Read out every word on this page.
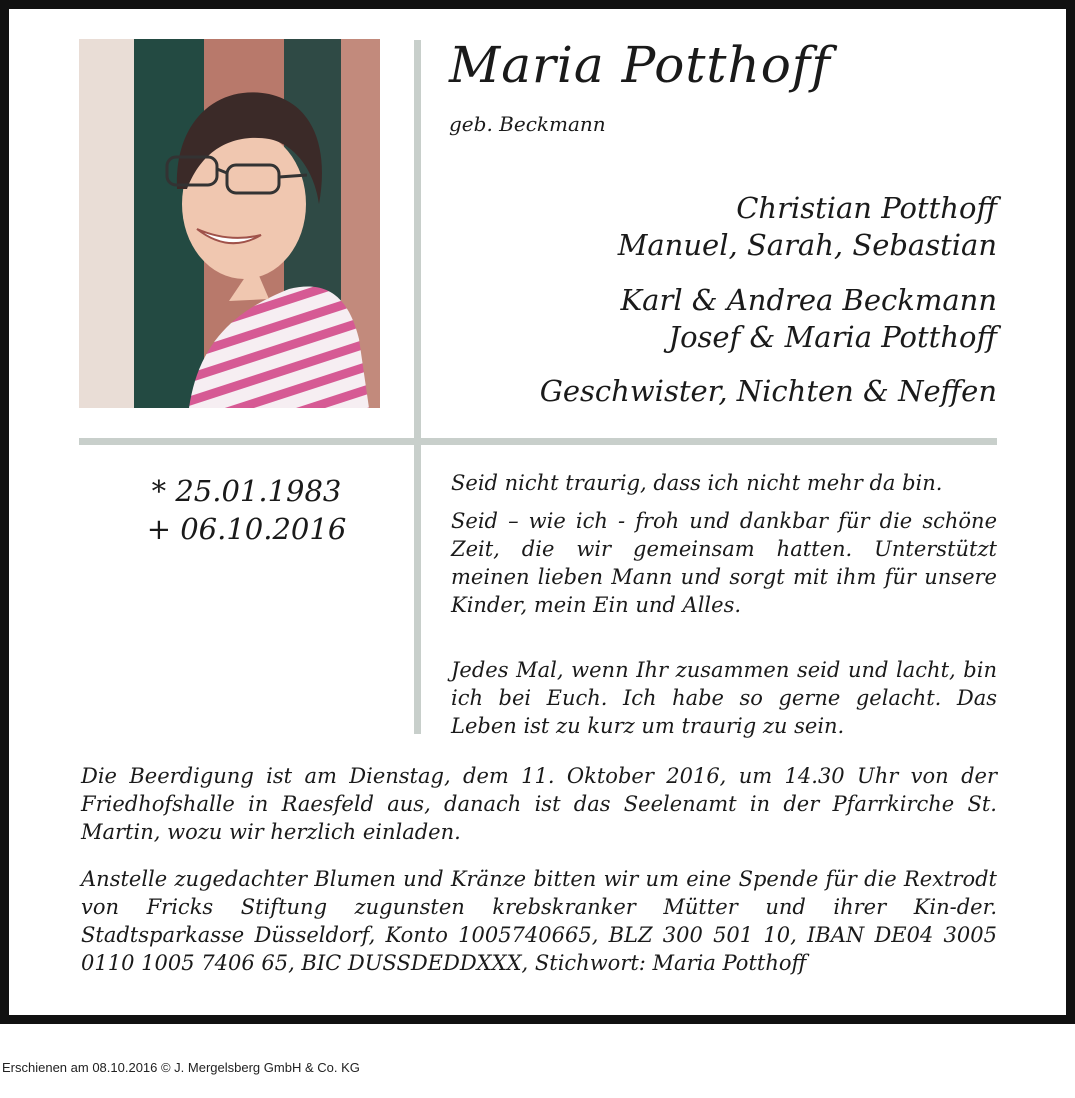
Maria Potthoff
geb. Beckmann
Christian Potthoff
Manuel, Sarah, Sebastian
Karl & Andrea Beckmann
Josef & Maria Potthoff
Geschwister, Nichten & Neffen
* 25.01.1983
+ 06.10.2016
Seid nicht traurig, dass ich nicht mehr da bin.
Seid – wie ich - froh und dankbar für die schöne Zeit, die wir gemeinsam hatten. Unterstützt meinen lieben Mann und sorgt mit ihm für unsere Kinder, mein Ein und Alles.
Jedes Mal, wenn Ihr zusammen seid und lacht, bin ich bei Euch. Ich habe so gerne gelacht. Das Leben ist zu kurz um traurig zu sein.
Die Beerdigung ist am Dienstag, dem 11. Oktober 2016, um 14.30 Uhr von der Friedhofshalle in Raesfeld aus, danach ist das Seelenamt in der Pfarrkirche St. Martin, wozu wir herzlich einladen.
Anstelle zugedachter Blumen und Kränze bitten wir um eine Spende für die Rextrodt von Fricks Stiftung zugunsten krebskranker Mütter und ihrer Kin-der. Stadtsparkasse Düsseldorf, Konto 1005740665, BLZ 300 501 10, IBAN DE04 3005 0110 1005 7406 65, BIC DUSSDEDDXXX, Stichwort: Maria Potthoff
Erschienen am 08.10.2016 © J. Mergelsberg GmbH & Co. KG
